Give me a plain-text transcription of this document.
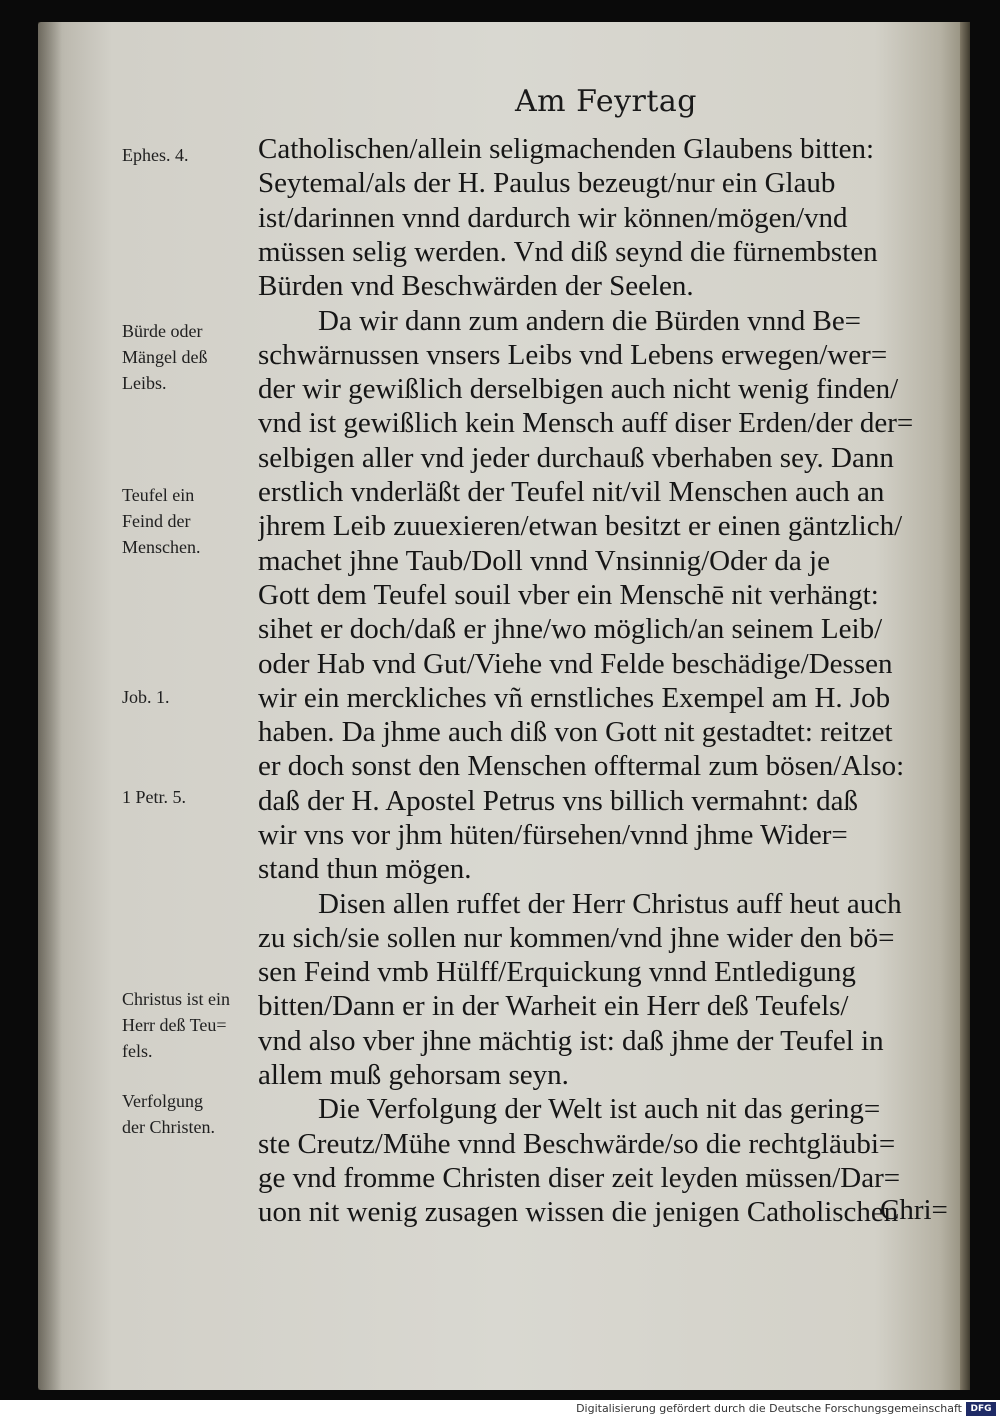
Am Feyrtag
Catholischen/allein seligmachenden Glaubens bitten:
Seytemal/als der H. Paulus bezeugt/nur ein Glaub
ist/darinnen vnnd dardurch wir können/mögen/vnd
müssen selig werden. Vnd diß seynd die fürnembsten
Bürden vnd Beschwärden der Seelen.
Da wir dann zum andern die Bürden vnnd Be=
schwärnussen vnsers Leibs vnd Lebens erwegen/wer=
der wir gewißlich derselbigen auch nicht wenig finden/
vnd ist gewißlich kein Mensch auff diser Erden/der der=
selbigen aller vnd jeder durchauß vberhaben sey. Dann
erstlich vnderläßt der Teufel nit/vil Menschen auch an
jhrem Leib zuuexieren/etwan besitzt er einen gäntzlich/
machet jhne Taub/Doll vnnd Vnsinnig/Oder da je
Gott dem Teufel souil vber ein Menschē nit verhängt:
sihet er doch/daß er jhne/wo möglich/an seinem Leib/
oder Hab vnd Gut/Viehe vnd Felde beschädige/Dessen
wir ein merckliches vñ ernstliches Exempel am H. Job
haben. Da jhme auch diß von Gott nit gestadtet: reitzet
er doch sonst den Menschen offtermal zum bösen/Also:
daß der H. Apostel Petrus vns billich vermahnt: daß
wir vns vor jhm hüten/fürsehen/vnnd jhme Wider=
stand thun mögen.
Disen allen ruffet der Herr Christus auff heut auch
zu sich/sie sollen nur kommen/vnd jhne wider den bö=
sen Feind vmb Hülff/Erquickung vnnd Entledigung
bitten/Dann er in der Warheit ein Herr deß Teufels/
vnd also vber jhne mächtig ist: daß jhme der Teufel in
allem muß gehorsam seyn.
Die Verfolgung der Welt ist auch nit das gering=
ste Creutz/Mühe vnnd Beschwärde/so die rechtgläubi=
ge vnd fromme Christen diser zeit leyden müssen/Dar=
uon nit wenig zusagen wissen die jenigen Catholischen
Ephes. 4.
Bürde oder
Mängel deß
Leibs.
Teufel ein
Feind der
Menschen.
Job. 1.
1 Petr. 5.
Christus ist ein
Herr deß Teu=
fels.
Verfolgung
der Christen.
Chri=
Digitalisierung gefördert durch die Deutsche Forschungsgemeinschaft DFG
